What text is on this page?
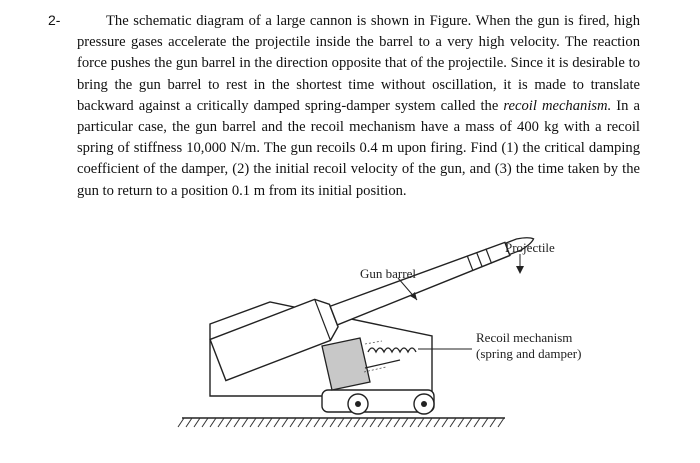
2-	The schematic diagram of a large cannon is shown in Figure. When the gun is fired, high pressure gases accelerate the projectile inside the barrel to a very high velocity. The reaction force pushes the gun barrel in the direction opposite that of the projectile. Since it is desirable to bring the gun barrel to rest in the shortest time without oscillation, it is made to translate backward against a critically damped spring-damper system called the recoil mechanism. In a particular case, the gun barrel and the recoil mechanism have a mass of 400 kg with a recoil spring of stiffness 10,000 N/m. The gun recoils 0.4 m upon firing. Find (1) the critical damping coefficient of the damper, (2) the initial recoil velocity of the gun, and (3) the time taken by the gun to return to a position 0.1 m from its initial position.

Projectile
Gun barrel
Recoil mechanism
(spring and damper)
